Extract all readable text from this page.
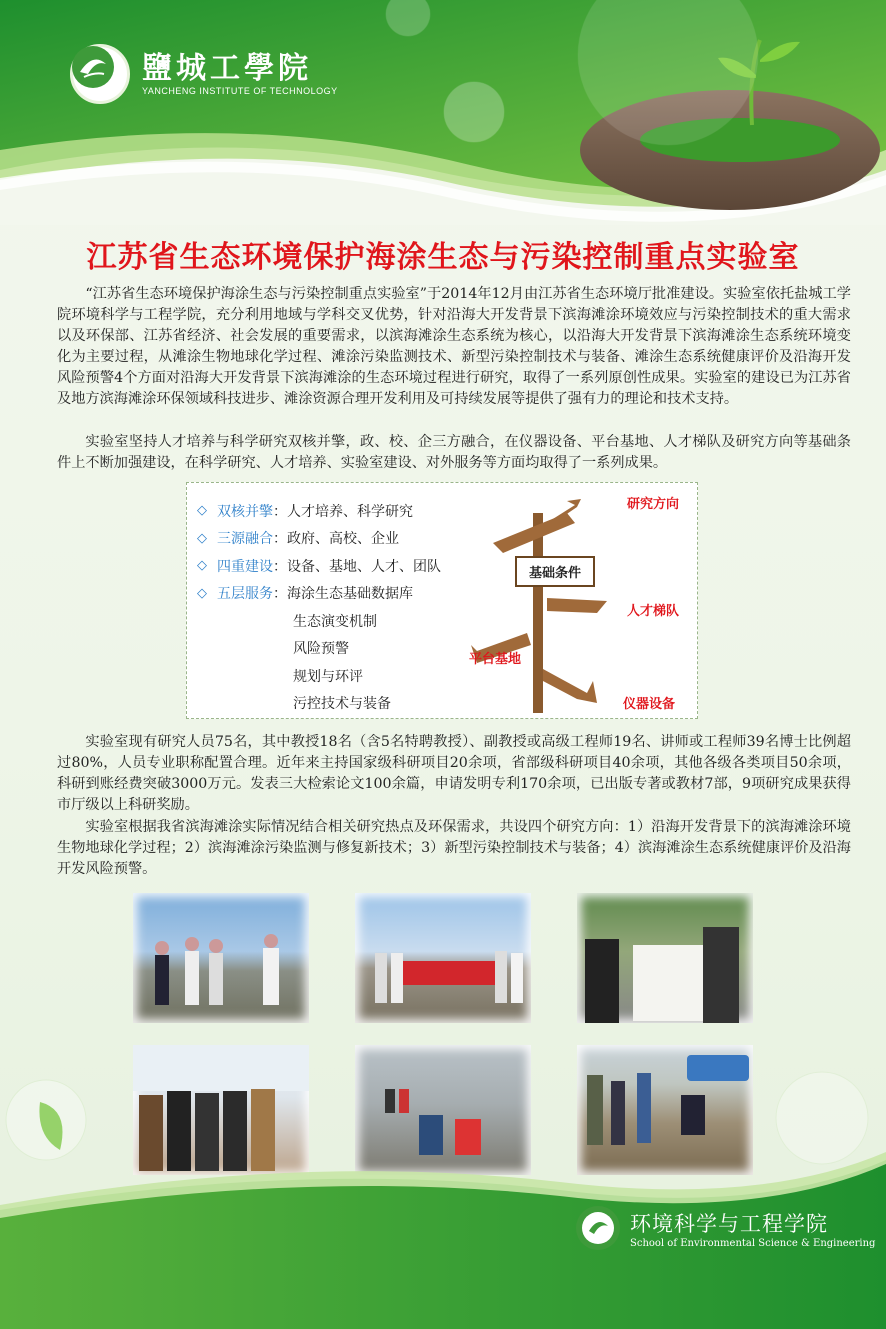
鹽城工學院
YANCHENG INSTITUTE OF TECHNOLOGY
江苏省生态环境保护海涂生态与污染控制重点实验室

“江苏省生态环境保护海涂生态与污染控制重点实验室”于2014年12月由江苏省生态环境厅批准建设。实验室依托盐城工学院环境科学与工程学院，充分利用地域与学科交叉优势，针对沿海大开发背景下滨海滩涂环境效应与污染控制技术的重大需求以及环保部、江苏省经济、社会发展的重要需求，以滨海滩涂生态系统为核心，以沿海大开发背景下滨海滩涂生态系统环境变化为主要过程，从滩涂生物地球化学过程、滩涂污染监测技术、新型污染控制技术与装备、滩涂生态系统健康评价及沿海开发风险预警4个方面对沿海大开发背景下滨海滩涂的生态环境过程进行研究，取得了一系列原创性成果。实验室的建设已为江苏省及地方滨海滩涂环保领域科技进步、滩涂资源合理开发利用及可持续发展等提供了强有力的理论和技术支持。

实验室坚持人才培养与科学研究双核并擎，政、校、企三方融合，在仪器设备、平台基地、人才梯队及研究方向等基础条件上不断加强建设，在科学研究、人才培养、实验室建设、对外服务等方面均取得了一系列成果。

◇ 双核并擎 ： 人才培养、科学研究
◇ 三源融合 ： 政府、高校、企业
◇ 四重建设 ： 设备、基地、人才、团队
◇ 五层服务 ： 海涂生态基础数据库
生态演变机制
风险预警
规划与环评
污控技术与装备
基础条件
研究方向
人才梯队
平台基地
仪器设备

实验室现有研究人员75名，其中教授18名（含5名特聘教授）、副教授或高级工程师19名、讲师或工程师39名博士比例超过80%，人员专业职称配置合理。近年来主持国家级科研项目20余项，省部级科研项目40余项，其他各级各类项目50余项，科研到账经费突破3000万元。发表三大检索论文100余篇，申请发明专利170余项，已出版专著或教材7部，9项研究成果获得市厅级以上科研奖励。

实验室根据我省滨海滩涂实际情况结合相关研究热点及环保需求，共设四个研究方向：1）沿海开发背景下的滨海滩涂环境生物地球化学过程；2）滨海滩涂污染监测与修复新技术；3）新型污染控制技术与装备；4）滨海滩涂生态系统健康评价及沿海开发风险预警。

环境科学与工程学院
School of Environmental Science & Engineering
